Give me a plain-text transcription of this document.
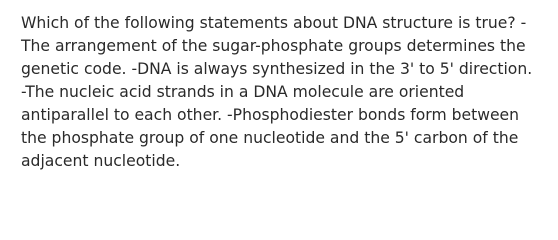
Which of the following statements about DNA structure is true? -
The arrangement of the sugar-phosphate groups determines the
genetic code. -DNA is always synthesized in the 3' to 5' direction.
-The nucleic acid strands in a DNA molecule are oriented
antiparallel to each other. -Phosphodiester bonds form between
the phosphate group of one nucleotide and the 5' carbon of the
adjacent nucleotide.
